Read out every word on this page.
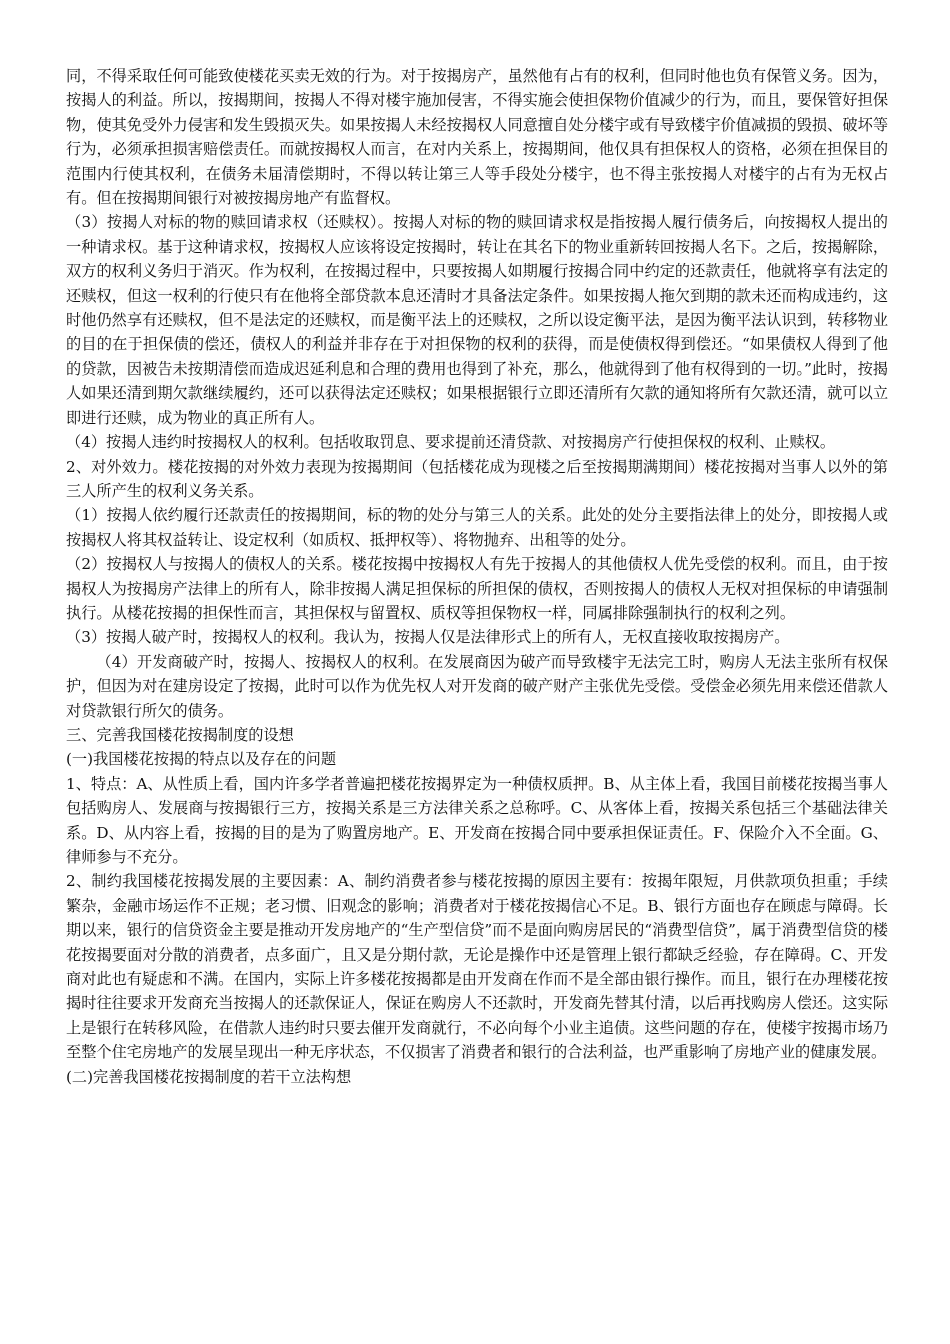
同，不得采取任何可能致使楼花买卖无效的行为。对于按揭房产，虽然他有占有的权利，但同时他也负有保管义务。因为，按揭人的利益。所以，按揭期间，按揭人不得对楼宇施加侵害，不得实施会使担保物价值减少的行为，而且，要保管好担保物，使其免受外力侵害和发生毁损灭失。如果按揭人未经按揭权人同意擅自处分楼宇或有导致楼宇价值减损的毁损、破坏等行为，必须承担损害赔偿责任。而就按揭权人而言，在对内关系上，按揭期间，他仅具有担保权人的资格，必须在担保目的范围内行使其权利，在债务未届清偿期时，不得以转让第三人等手段处分楼宇，也不得主张按揭人对楼宇的占有为无权占有。但在按揭期间银行对被按揭房地产有监督权。

（3）按揭人对标的物的赎回请求权（还赎权）。按揭人对标的物的赎回请求权是指按揭人履行债务后，向按揭权人提出的一种请求权。基于这种请求权，按揭权人应该将设定按揭时，转让在其名下的物业重新转回按揭人名下。之后，按揭解除，双方的权利义务归于消灭。作为权利，在按揭过程中，只要按揭人如期履行按揭合同中约定的还款责任，他就将享有法定的还赎权，但这一权利的行使只有在他将全部贷款本息还清时才具备法定条件。如果按揭人拖欠到期的款未还而构成违约，这时他仍然享有还赎权，但不是法定的还赎权，而是衡平法上的还赎权，之所以设定衡平法，是因为衡平法认识到，转移物业的目的在于担保债的偿还，债权人的利益并非存在于对担保物的权利的获得，而是使债权得到偿还。“如果债权人得到了他的贷款，因被告未按期清偿而造成迟延利息和合理的费用也得到了补充，那么，他就得到了他有权得到的一切。”此时，按揭人如果还清到期欠款继续履约，还可以获得法定还赎权；如果根据银行立即还清所有欠款的通知将所有欠款还清，就可以立即进行还赎，成为物业的真正所有人。

（4）按揭人违约时按揭权人的权利。包括收取罚息、要求提前还清贷款、对按揭房产行使担保权的权利、止赎权。

2、对外效力。楼花按揭的对外效力表现为按揭期间（包括楼花成为现楼之后至按揭期满期间）楼花按揭对当事人以外的第三人所产生的权利义务关系。

（1）按揭人依约履行还款责任的按揭期间，标的物的处分与第三人的关系。此处的处分主要指法律上的处分，即按揭人或按揭权人将其权益转让、设定权利（如质权、抵押权等）、将物抛弃、出租等的处分。

（2）按揭权人与按揭人的债权人的关系。楼花按揭中按揭权人有先于按揭人的其他债权人优先受偿的权利。而且，由于按揭权人为按揭房产法律上的所有人，除非按揭人满足担保标的所担保的债权，否则按揭人的债权人无权对担保标的申请强制执行。从楼花按揭的担保性而言，其担保权与留置权、质权等担保物权一样，同属排除强制执行的权利之列。

（3）按揭人破产时，按揭权人的权利。我认为，按揭人仅是法律形式上的所有人，无权直接收取按揭房产。

（4）开发商破产时，按揭人、按揭权人的权利。在发展商因为破产而导致楼宇无法完工时，购房人无法主张所有权保护，但因为对在建房设定了按揭，此时可以作为优先权人对开发商的破产财产主张优先受偿。受偿金必须先用来偿还借款人对贷款银行所欠的债务。

三、完善我国楼花按揭制度的设想

(一)我国楼花按揭的特点以及存在的问题

1、特点：A、从性质上看，国内许多学者普遍把楼花按揭界定为一种债权质押。B、从主体上看，我国目前楼花按揭当事人包括购房人、发展商与按揭银行三方，按揭关系是三方法律关系之总称呼。C、从客体上看，按揭关系包括三个基础法律关系。D、从内容上看，按揭的目的是为了购置房地产。E、开发商在按揭合同中要承担保证责任。F、保险介入不全面。G、律师参与不充分。

2、制约我国楼花按揭发展的主要因素：A、制约消费者参与楼花按揭的原因主要有：按揭年限短，月供款项负担重；手续繁杂，金融市场运作不正规；老习惯、旧观念的影响；消费者对于楼花按揭信心不足。B、银行方面也存在顾虑与障碍。长期以来，银行的信贷资金主要是推动开发房地产的“生产型信贷”而不是面向购房居民的“消费型信贷”，属于消费型信贷的楼花按揭要面对分散的消费者，点多面广，且又是分期付款，无论是操作中还是管理上银行都缺乏经验，存在障碍。C、开发商对此也有疑虑和不满。在国内，实际上许多楼花按揭都是由开发商在作而不是全部由银行操作。而且，银行在办理楼花按揭时往往要求开发商充当按揭人的还款保证人，保证在购房人不还款时，开发商先替其付清，以后再找购房人偿还。这实际上是银行在转移风险，在借款人违约时只要去催开发商就行，不必向每个小业主追债。这些问题的存在，使楼宇按揭市场乃至整个住宅房地产的发展呈现出一种无序状态，不仅损害了消费者和银行的合法利益，也严重影响了房地产业的健康发展。

(二)完善我国楼花按揭制度的若干立法构想
